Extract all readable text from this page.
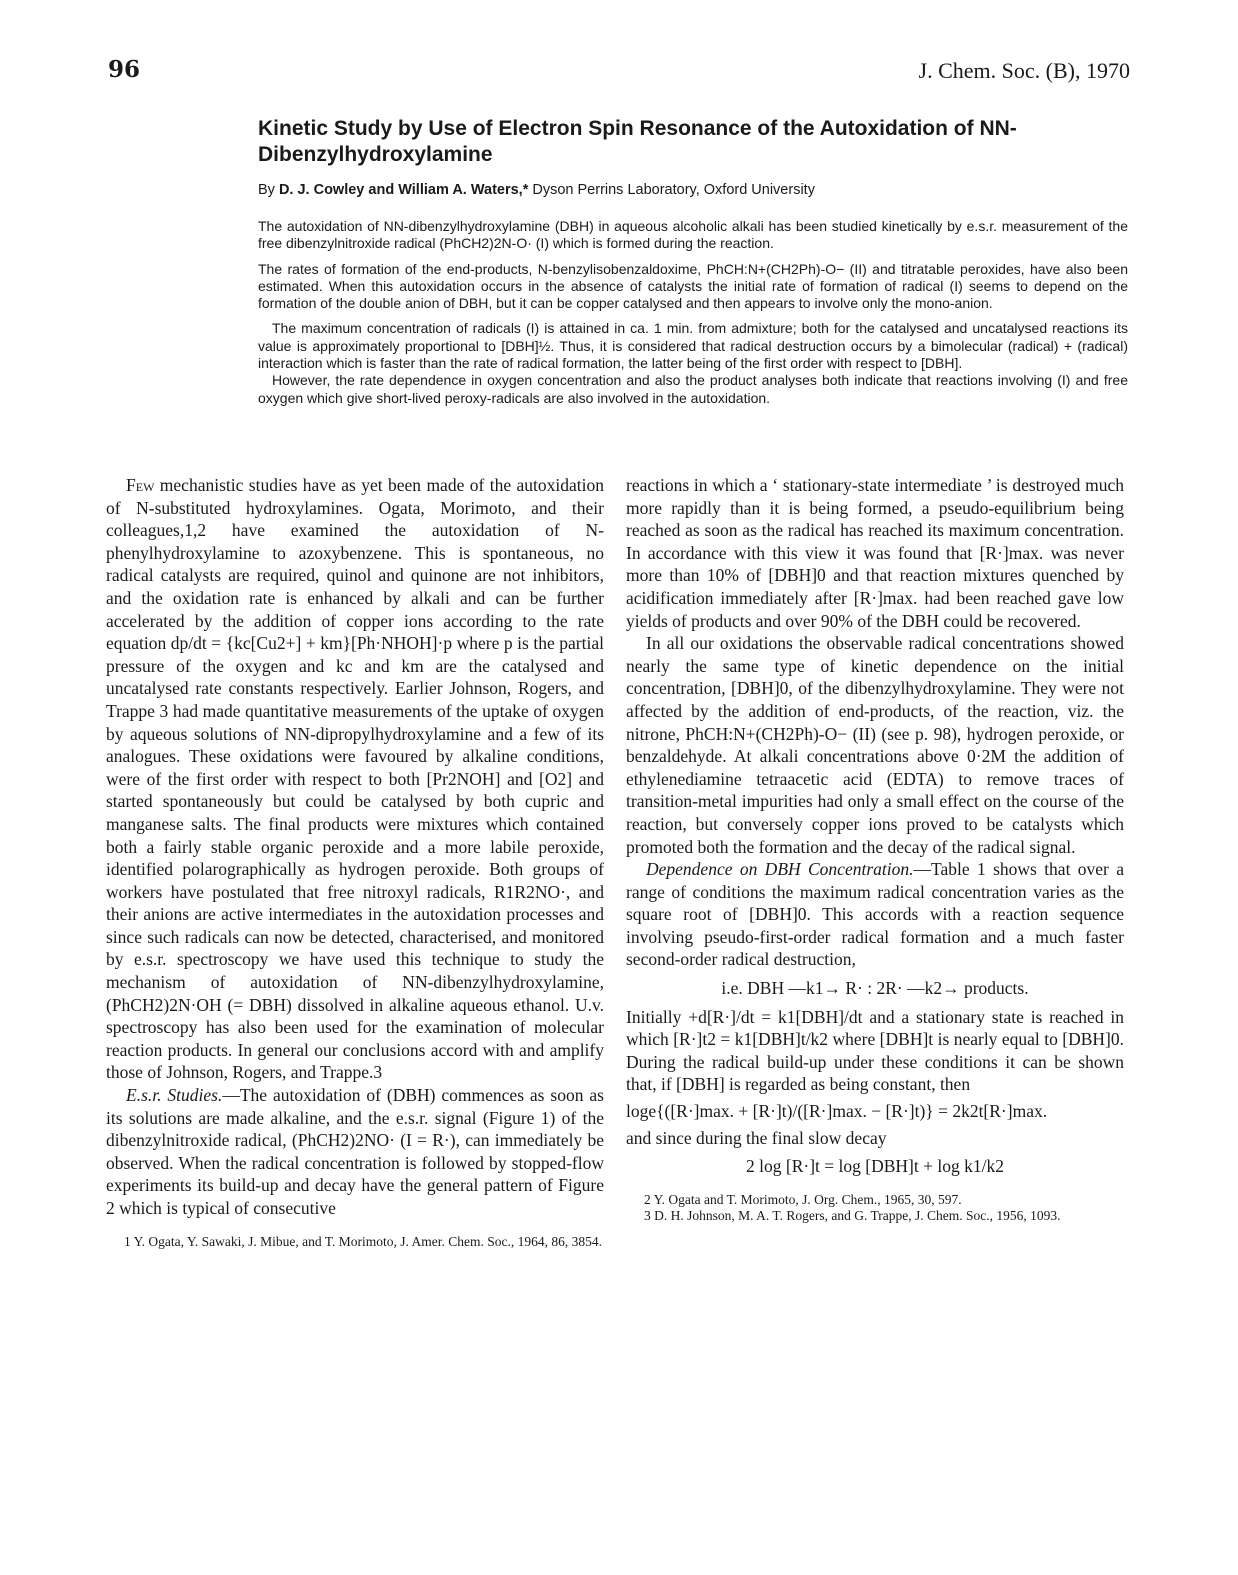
96	J. Chem. Soc. (B), 1970
Kinetic Study by Use of Electron Spin Resonance of the Autoxidation of NN-Dibenzylhydroxylamine
By D. J. Cowley and William A. Waters,* Dyson Perrins Laboratory, Oxford University

The autoxidation of NN-dibenzylhydroxylamine (DBH) in aqueous alcoholic alkali has been studied kinetically by e.s.r. measurement of the free dibenzylnitroxide radical (PhCH2)2N-O· (I) which is formed during the reaction.

The rates of formation of the end-products, N-benzylisobenzaldoxime, PhCH:N+(CH2Ph)-O− (II) and titratable peroxides, have also been estimated. When this autoxidation occurs in the absence of catalysts the initial rate of formation of radical (I) seems to depend on the formation of the double anion of DBH, but it can be copper catalysed and then appears to involve only the mono-anion.

The maximum concentration of radicals (I) is attained in ca. 1 min. from admixture; both for the catalysed and uncatalysed reactions its value is approximately proportional to [DBH]½. Thus, it is considered that radical destruction occurs by a bimolecular (radical) + (radical) interaction which is faster than the rate of radical formation, the latter being of the first order with respect to [DBH].

However, the rate dependence in oxygen concentration and also the product analyses both indicate that reactions involving (I) and free oxygen which give short-lived peroxy-radicals are also involved in the autoxidation.

Few mechanistic studies have as yet been made of the autoxidation of N-substituted hydroxylamines. Ogata, Morimoto, and their colleagues,1,2 have examined the autoxidation of N-phenylhydroxylamine to azoxybenzene. This is spontaneous, no radical catalysts are required, quinol and quinone are not inhibitors, and the oxidation rate is enhanced by alkali and can be further accelerated by the addition of copper ions according to the rate equation dp/dt = {kc[Cu2+] + km}[Ph·NHOH]·p where p is the partial pressure of the oxygen and kc and km are the catalysed and uncatalysed rate constants respectively. Earlier Johnson, Rogers, and Trappe 3 had made quantitative measurements of the uptake of oxygen by aqueous solutions of NN-dipropylhydroxylamine and a few of its analogues. These oxidations were favoured by alkaline conditions, were of the first order with respect to both [Pr2NOH] and [O2] and started spontaneously but could be catalysed by both cupric and manganese salts. The final products were mixtures which contained both a fairly stable organic peroxide and a more labile peroxide, identified polarographically as hydrogen peroxide. Both groups of workers have postulated that free nitroxyl radicals, R1R2NO·, and their anions are active intermediates in the autoxidation processes and since such radicals can now be detected, characterised, and monitored by e.s.r. spectroscopy we have used this technique to study the mechanism of autoxidation of NN-dibenzylhydroxylamine, (PhCH2)2N·OH (= DBH) dissolved in alkaline aqueous ethanol. U.v. spectroscopy has also been used for the examination of molecular reaction products. In general our conclusions accord with and amplify those of Johnson, Rogers, and Trappe.3

E.s.r. Studies.—The autoxidation of (DBH) commences as soon as its solutions are made alkaline, and the e.s.r. signal (Figure 1) of the dibenzylnitroxide radical, (PhCH2)2NO· (I = R·), can immediately be observed. When the radical concentration is followed by stopped-flow experiments its build-up and decay have the general pattern of Figure 2 which is typical of consecutive

1 Y. Ogata, Y. Sawaki, J. Mibue, and T. Morimoto, J. Amer. Chem. Soc., 1964, 86, 3854.

reactions in which a ‘ stationary-state intermediate ’ is destroyed much more rapidly than it is being formed, a pseudo-equilibrium being reached as soon as the radical has reached its maximum concentration. In accordance with this view it was found that [R·]max. was never more than 10% of [DBH]0 and that reaction mixtures quenched by acidification immediately after [R·]max. had been reached gave low yields of products and over 90% of the DBH could be recovered.

In all our oxidations the observable radical concentrations showed nearly the same type of kinetic dependence on the initial concentration, [DBH]0, of the dibenzylhydroxylamine. They were not affected by the addition of end-products, of the reaction, viz. the nitrone, PhCH:N+(CH2Ph)-O− (II) (see p. 98), hydrogen peroxide, or benzaldehyde. At alkali concentrations above 0·2M the addition of ethylenediamine tetraacetic acid (EDTA) to remove traces of transition-metal impurities had only a small effect on the course of the reaction, but conversely copper ions proved to be catalysts which promoted both the formation and the decay of the radical signal.

Dependence on DBH Concentration.—Table 1 shows that over a range of conditions the maximum radical concentration varies as the square root of [DBH]0. This accords with a reaction sequence involving pseudo-first-order radical formation and a much faster second-order radical destruction,

i.e. DBH —k1→ R· : 2R· —k2→ products.

Initially +d[R·]/dt = k1[DBH]/dt and a stationary state is reached in which [R·]t2 = k1[DBH]t/k2 where [DBH]t is nearly equal to [DBH]0. During the radical build-up under these conditions it can be shown that, if [DBH] is regarded as being constant, then

loge{([R·]max. + [R·]t)/([R·]max. − [R·]t)} = 2k2t[R·]max.

and since during the final slow decay

2 log [R·]t = log [DBH]t + log k1/k2

2 Y. Ogata and T. Morimoto, J. Org. Chem., 1965, 30, 597.

3 D. H. Johnson, M. A. T. Rogers, and G. Trappe, J. Chem. Soc., 1956, 1093.
